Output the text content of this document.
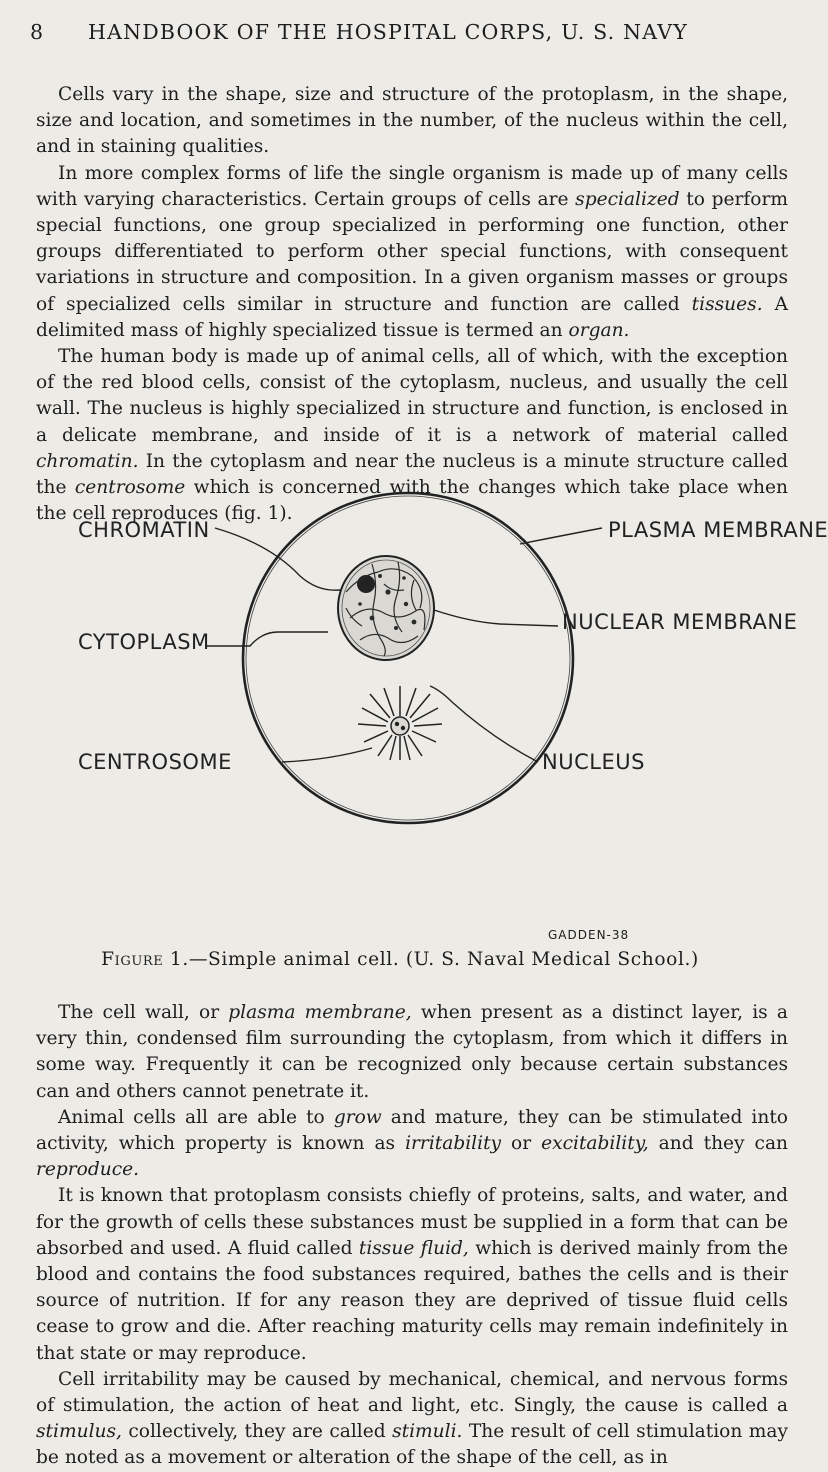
8 HANDBOOK OF THE HOSPITAL CORPS, U. S. NAVY

Cells vary in the shape, size and structure of the protoplasm, in the shape, size and location, and sometimes in the number, of the nucleus within the cell, and in staining qualities.

In more complex forms of life the single organism is made up of many cells with varying characteristics. Certain groups of cells are specialized to perform special functions, one group specialized in performing one function, other groups differentiated to perform other special functions, with consequent variations in structure and composition. In a given organism masses or groups of specialized cells similar in structure and function are called tissues. A delimited mass of highly specialized tissue is termed an organ.

The human body is made up of animal cells, all of which, with the exception of the red blood cells, consist of the cytoplasm, nucleus, and usually the cell wall. The nucleus is highly specialized in structure and function, is enclosed in a delicate membrane, and inside of it is a network of material called chromatin. In the cytoplasm and near the nucleus is a minute structure called the centrosome which is concerned with the changes which take place when the cell reproduces (fig. 1).

CHROMATIN	PLASMA MEMBRANE
CYTOPLASM
NUCLEAR MEMBRANE
CENTROSOME	NUCLEUS
GADDEN-38
Figure 1.—Simple animal cell. (U. S. Naval Medical School.)

The cell wall, or plasma membrane, when present as a distinct layer, is a very thin, condensed film surrounding the cytoplasm, from which it differs in some way. Frequently it can be recognized only because certain substances can and others cannot penetrate it.

Animal cells all are able to grow and mature, they can be stimulated into activity, which property is known as irritability or excitability, and they can reproduce.

It is known that protoplasm consists chiefly of proteins, salts, and water, and for the growth of cells these substances must be supplied in a form that can be absorbed and used. A fluid called tissue fluid, which is derived mainly from the blood and contains the food substances required, bathes the cells and is their source of nutrition. If for any reason they are deprived of tissue fluid cells cease to grow and die. After reaching maturity cells may remain indefinitely in that state or may reproduce.

Cell irritability may be caused by mechanical, chemical, and nervous forms of stimulation, the action of heat and light, etc. Singly, the cause is called a stimulus, collectively, they are called stimuli. The result of cell stimulation may be noted as a movement or alteration of the shape of the cell, as in
